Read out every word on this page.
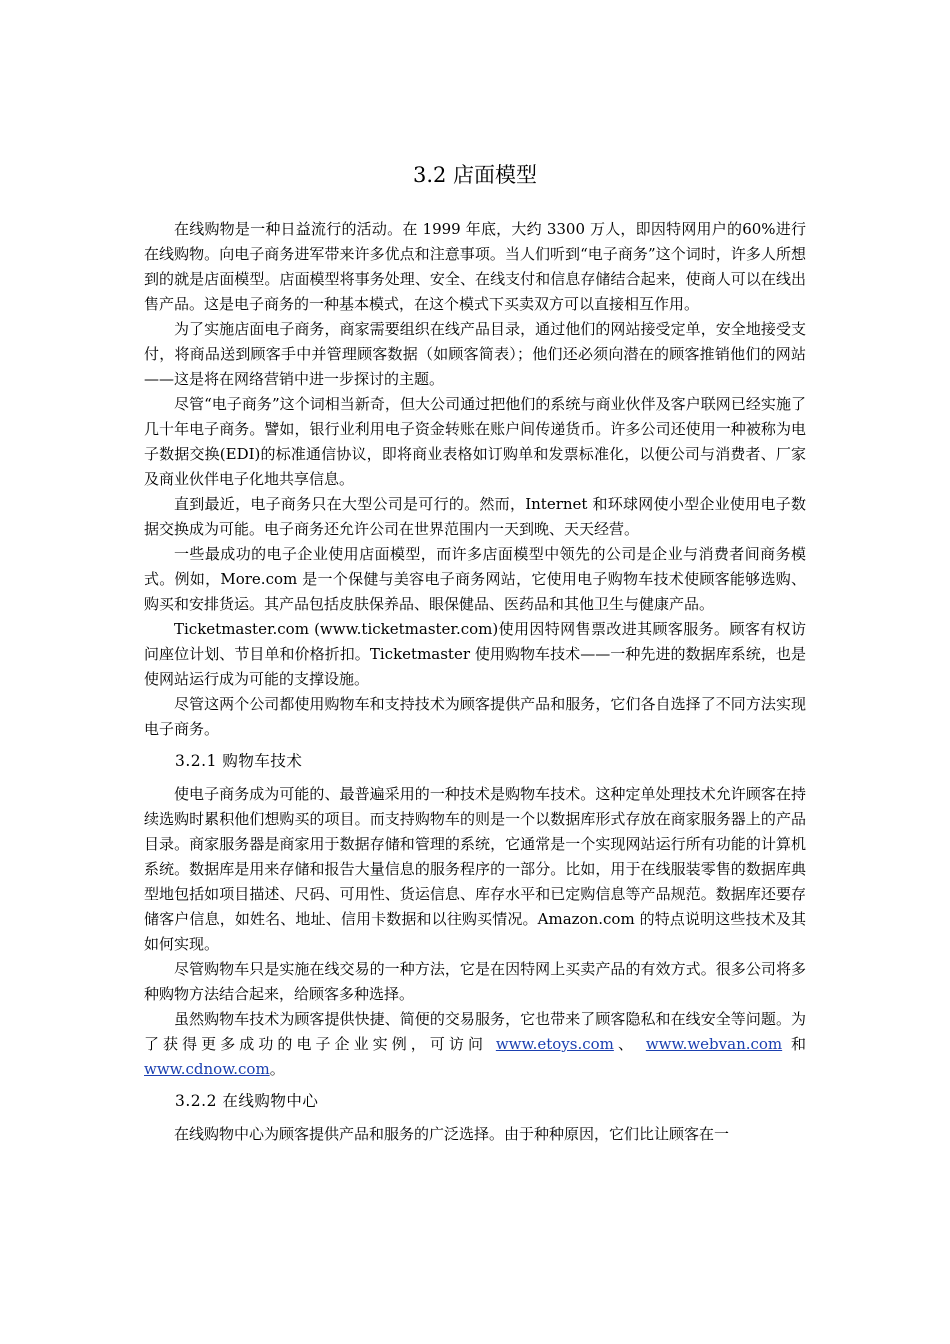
3.2 店面模型

在线购物是一种日益流行的活动。在 1999 年底，大约 3300 万人，即因特网用户的60%进行在线购物。向电子商务进军带来许多优点和注意事项。当人们听到“电子商务”这个词时，许多人所想到的就是店面模型。店面模型将事务处理、安全、在线支付和信息存储结合起来，使商人可以在线出售产品。这是电子商务的一种基本模式，在这个模式下买卖双方可以直接相互作用。

为了实施店面电子商务，商家需要组织在线产品目录，通过他们的网站接受定单，安全地接受支付，将商品送到顾客手中并管理顾客数据（如顾客简表）；他们还必须向潜在的顾客推销他们的网站——这是将在网络营销中进一步探讨的主题。

尽管“电子商务”这个词相当新奇，但大公司通过把他们的系统与商业伙伴及客户联网已经实施了几十年电子商务。譬如，银行业利用电子资金转账在账户间传递货币。许多公司还使用一种被称为电子数据交换(EDI)的标准通信协议，即将商业表格如订购单和发票标准化，以便公司与消费者、厂家及商业伙伴电子化地共享信息。

直到最近，电子商务只在大型公司是可行的。然而，Internet 和环球网使小型企业使用电子数据交换成为可能。电子商务还允许公司在世界范围内一天到晚、天天经营。

一些最成功的电子企业使用店面模型，而许多店面模型中领先的公司是企业与消费者间商务模式。例如，More.com 是一个保健与美容电子商务网站，它使用电子购物车技术使顾客能够选购、购买和安排货运。其产品包括皮肤保养品、眼保健品、医药品和其他卫生与健康产品。

Ticketmaster.com (www.ticketmaster.com)使用因特网售票改进其顾客服务。顾客有权访问座位计划、节目单和价格折扣。Ticketmaster 使用购物车技术——一种先进的数据库系统，也是使网站运行成为可能的支撑设施。

尽管这两个公司都使用购物车和支持技术为顾客提供产品和服务，它们各自选择了不同方法实现电子商务。

3.2.1 购物车技术

使电子商务成为可能的、最普遍采用的一种技术是购物车技术。这种定单处理技术允许顾客在持续选购时累积他们想购买的项目。而支持购物车的则是一个以数据库形式存放在商家服务器上的产品目录。商家服务器是商家用于数据存储和管理的系统，它通常是一个实现网站运行所有功能的计算机系统。数据库是用来存储和报告大量信息的服务程序的一部分。比如，用于在线服装零售的数据库典型地包括如项目描述、尺码、可用性、货运信息、库存水平和已定购信息等产品规范。数据库还要存储客户信息，如姓名、地址、信用卡数据和以往购买情况。Amazon.com 的特点说明这些技术及其如何实现。

尽管购物车只是实施在线交易的一种方法，它是在因特网上买卖产品的有效方式。很多公司将多种购物方法结合起来，给顾客多种选择。

虽然购物车技术为顾客提供快捷、简便的交易服务，它也带来了顾客隐私和在线安全等问题。为了获得更多成功的电子企业实例，可访问 www.etoys.com、 www.webvan.com 和 www.cdnow.com。

3.2.2 在线购物中心

在线购物中心为顾客提供产品和服务的广泛选择。由于种种原因，它们比让顾客在一
